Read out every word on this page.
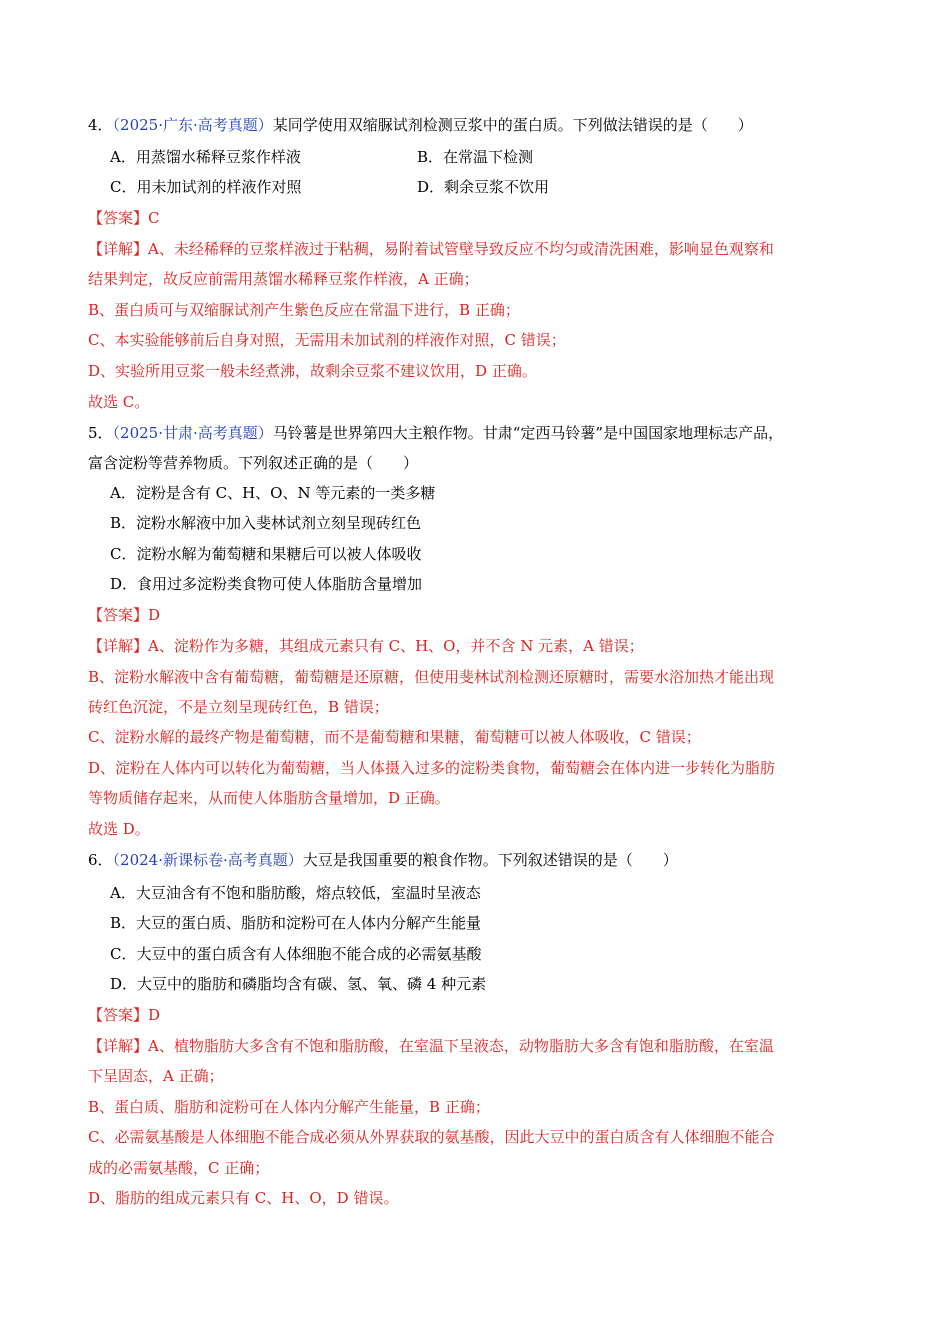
4．（2025·广东·高考真题）某同学使用双缩脲试剂检测豆浆中的蛋白质。下列做法错误的是（　　）
A．用蒸馏水稀释豆浆作样液	B．在常温下检测
C．用未加试剂的样液作对照	D．剩余豆浆不饮用
【答案】C
【详解】A、未经稀释的豆浆样液过于粘稠，易附着试管壁导致反应不均匀或清洗困难，影响显色观察和
结果判定，故反应前需用蒸馏水稀释豆浆作样液，A 正确；
B、蛋白质可与双缩脲试剂产生紫色反应在常温下进行，B 正确；
C、本实验能够前后自身对照，无需用未加试剂的样液作对照，C 错误；
D、实验所用豆浆一般未经煮沸，故剩余豆浆不建议饮用，D 正确。
故选 C。
5．（2025·甘肃·高考真题）马铃薯是世界第四大主粮作物。甘肃“定西马铃薯”是中国国家地理标志产品，
富含淀粉等营养物质。下列叙述正确的是（　　）
A．淀粉是含有 C、H、O、N 等元素的一类多糖
B．淀粉水解液中加入斐林试剂立刻呈现砖红色
C．淀粉水解为葡萄糖和果糖后可以被人体吸收
D．食用过多淀粉类食物可使人体脂肪含量增加
【答案】D
【详解】A、淀粉作为多糖，其组成元素只有 C、H、O，并不含 N 元素，A 错误；
B、淀粉水解液中含有葡萄糖，葡萄糖是还原糖，但使用斐林试剂检测还原糖时，需要水浴加热才能出现
砖红色沉淀，不是立刻呈现砖红色，B 错误；
C、淀粉水解的最终产物是葡萄糖，而不是葡萄糖和果糖，葡萄糖可以被人体吸收，C 错误；
D、淀粉在人体内可以转化为葡萄糖，当人体摄入过多的淀粉类食物，葡萄糖会在体内进一步转化为脂肪
等物质储存起来，从而使人体脂肪含量增加，D 正确。
故选 D。
6．（2024·新课标卷·高考真题）大豆是我国重要的粮食作物。下列叙述错误的是（　　）
A．大豆油含有不饱和脂肪酸，熔点较低，室温时呈液态
B．大豆的蛋白质、脂肪和淀粉可在人体内分解产生能量
C．大豆中的蛋白质含有人体细胞不能合成的必需氨基酸
D．大豆中的脂肪和磷脂均含有碳、氢、氧、磷 4 种元素
【答案】D
【详解】A、植物脂肪大多含有不饱和脂肪酸，在室温下呈液态，动物脂肪大多含有饱和脂肪酸，在室温
下呈固态，A 正确；
B、蛋白质、脂肪和淀粉可在人体内分解产生能量，B 正确；
C、必需氨基酸是人体细胞不能合成必须从外界获取的氨基酸，因此大豆中的蛋白质含有人体细胞不能合
成的必需氨基酸，C 正确；
D、脂肪的组成元素只有 C、H、O，D 错误。
